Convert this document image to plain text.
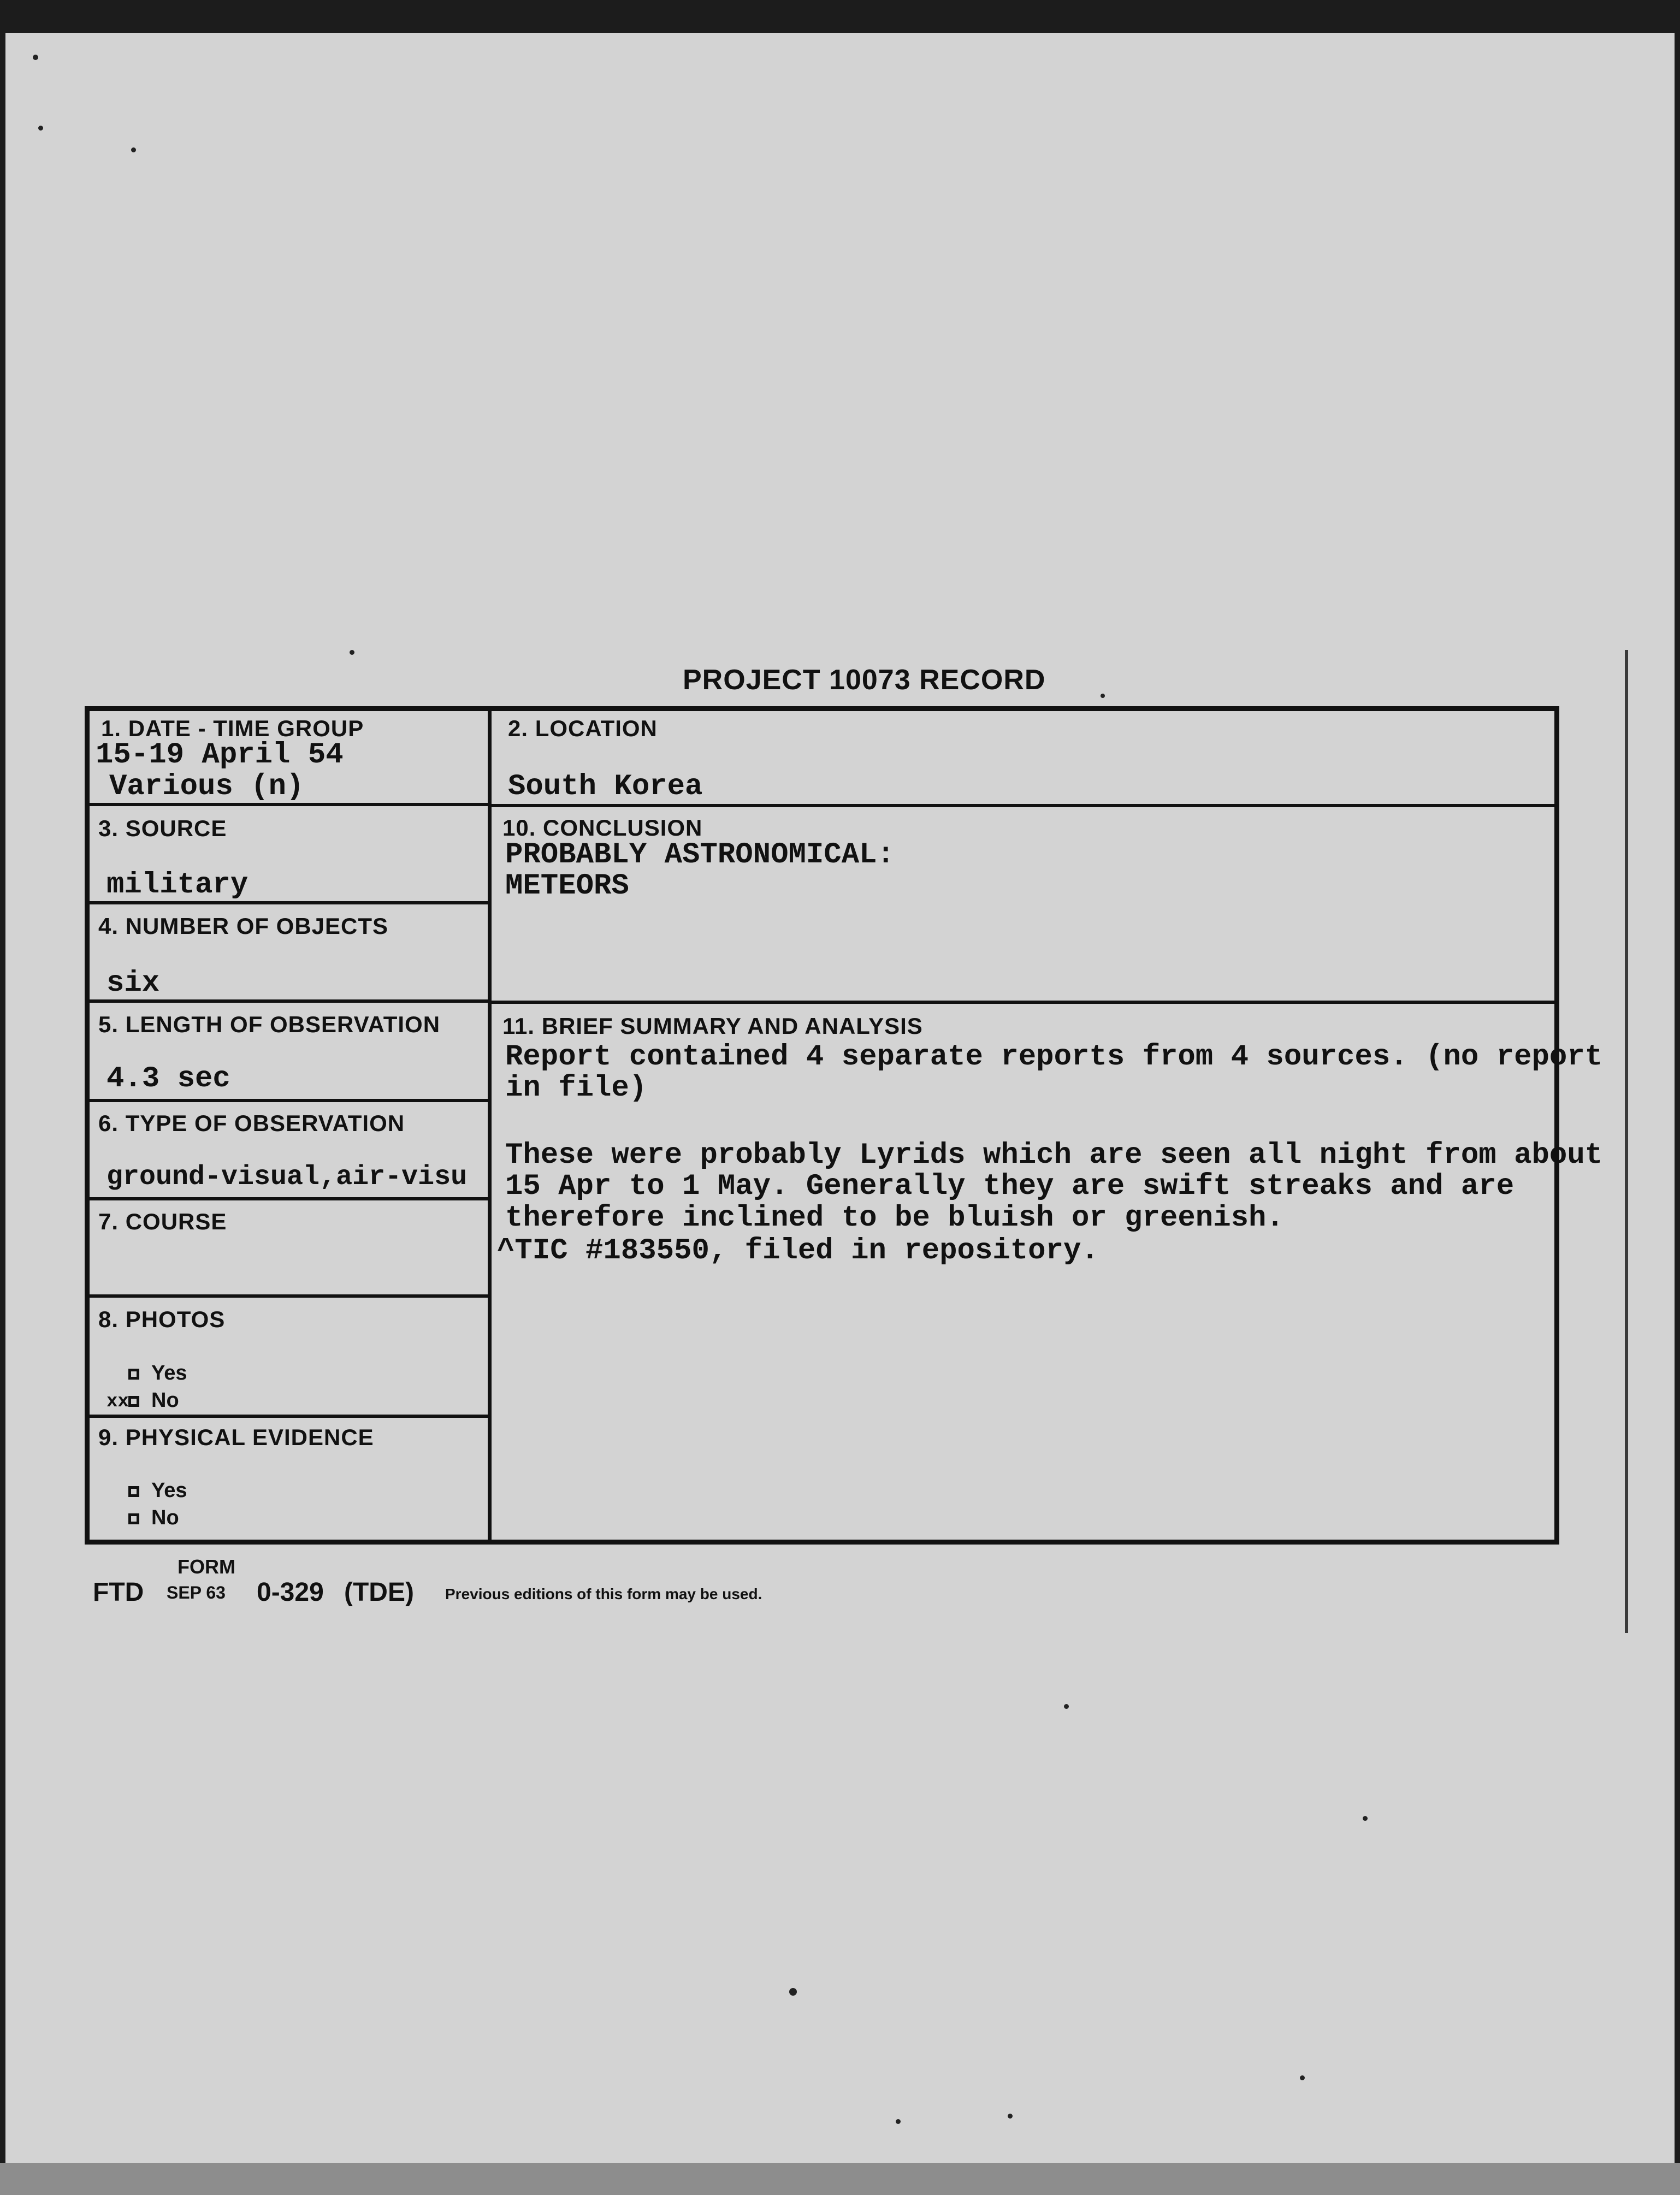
PROJECT 10073 RECORD
1. DATE - TIME GROUP
15-19 April 54
Various (n)
2. LOCATION
South Korea
3. SOURCE
military
4. NUMBER OF OBJECTS
six
5. LENGTH OF OBSERVATION
4.3 sec
6. TYPE OF OBSERVATION
ground-visual,air-visu
7. COURSE
8. PHOTOS
Yes
No
xx
9. PHYSICAL EVIDENCE
Yes
No
10. CONCLUSION
PROBABLY ASTRONOMICAL:
METEORS
11. BRIEF SUMMARY AND ANALYSIS
Report contained 4 separate reports from 4 sources. (no report
in file)
These were probably Lyrids which are seen all night from about
15 Apr to 1 May. Generally they are swift streaks and are
therefore inclined to be bluish or greenish.
^TIC #183550, filed in repository.
FORM
FTD SEP 63 0-329 (TDE) Previous editions of this form may be used.
